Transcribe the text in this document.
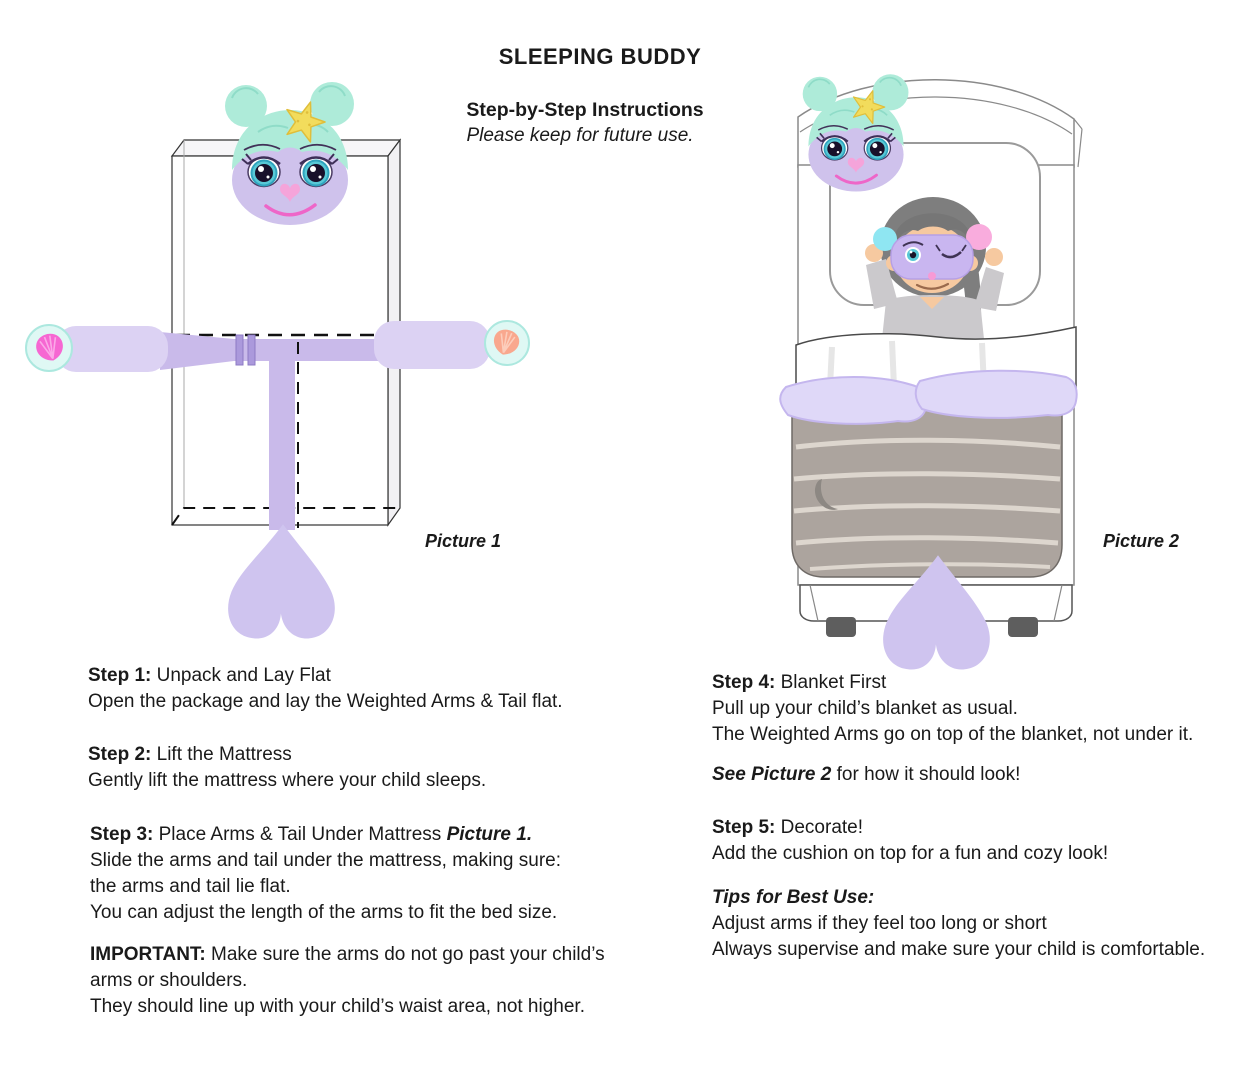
SLEEPING BUDDY
Step-by-Step Instructions
Please keep for future use.
Picture 1	Picture 2
Step 1: Unpack and Lay Flat
Open the package and lay the Weighted Arms & Tail flat.
Step 2: Lift the Mattress
Gently lift the mattress where your child sleeps.
Step 3: Place Arms & Tail Under Mattress Picture 1.
Slide the arms and tail under the mattress, making sure:
the arms and tail lie flat.
You can adjust the length of the arms to fit the bed size.
IMPORTANT: Make sure the arms do not go past your child’s
arms or shoulders.
They should line up with your child’s waist area, not higher.
Step 4: Blanket First
Pull up your child’s blanket as usual.
The Weighted Arms go on top of the blanket, not under it.
See Picture 2 for how it should look!
Step 5: Decorate!
Add the cushion on top for a fun and cozy look!
Tips for Best Use:
Adjust arms if they feel too long or short
Always supervise and make sure your child is comfortable.
